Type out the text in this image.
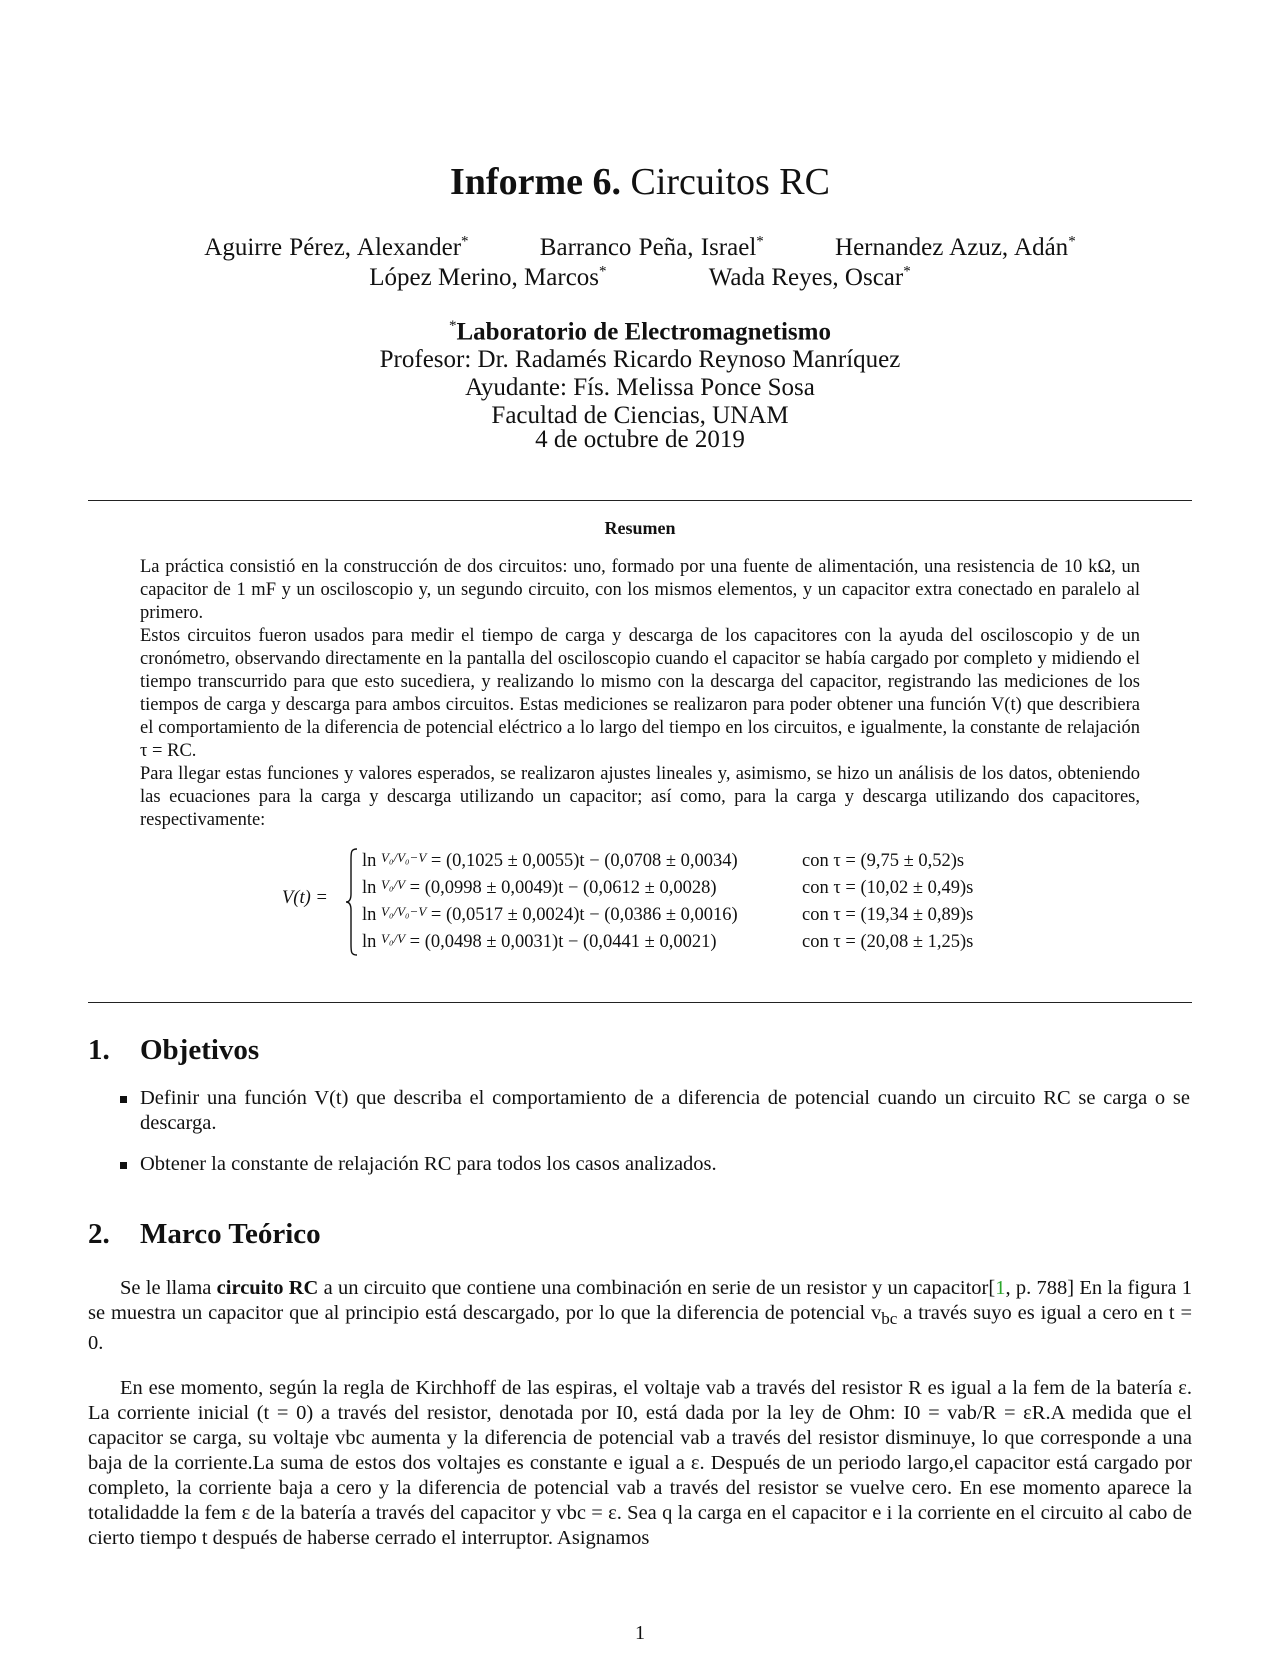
Informe 6. Circuitos RC
Aguirre Pérez, Alexander*	Barranco Peña, Israel*	Hernandez Azuz, Adán*
López Merino, Marcos*	Wada Reyes, Oscar*
*Laboratorio de Electromagnetismo
Profesor: Dr. Radamés Ricardo Reynoso Manríquez
Ayudante: Fís. Melissa Ponce Sosa
Facultad de Ciencias, UNAM
4 de octubre de 2019
Resumen

La práctica consistió en la construcción de dos circuitos: uno, formado por una fuente de alimentación, una resistencia de 10 kΩ, un capacitor de 1 mF y un osciloscopio y, un segundo circuito, con los mismos elementos, y un capacitor extra conectado en paralelo al primero.

Estos circuitos fueron usados para medir el tiempo de carga y descarga de los capacitores con la ayuda del osciloscopio y de un cronómetro, observando directamente en la pantalla del osciloscopio cuando el capacitor se había cargado por completo y midiendo el tiempo transcurrido para que esto sucediera, y realizando lo mismo con la descarga del capacitor, registrando las mediciones de los tiempos de carga y descarga para ambos circuitos. Estas mediciones se realizaron para poder obtener una función V(t) que describiera el comportamiento de la diferencia de potencial eléctrico a lo largo del tiempo en los circuitos, e igualmente, la constante de relajación τ = RC.

Para llegar estas funciones y valores esperados, se realizaron ajustes lineales y, asimismo, se hizo un análisis de los datos, obteniendo las ecuaciones para la carga y descarga utilizando un capacitor; así como, para la carga y descarga utilizando dos capacitores, respectivamente:

V(t) =
ln $^{V_0/V_0-V}$ = (0,1025 ± 0,0055)t − (0,0708 ± 0,0034)	con τ = (9,75 ± 0,52)s
ln $^{V_0/V}$ = (0,0998 ± 0,0049)t − (0,0612 ± 0,0028)	con τ = (10,02 ± 0,49)s
ln $^{V_0/V_0-V}$ = (0,0517 ± 0,0024)t − (0,0386 ± 0,0016)	con τ = (19,34 ± 0,89)s
ln $^{V_0/V}$ = (0,0498 ± 0,0031)t − (0,0441 ± 0,0021)	con τ = (20,08 ± 1,25)s
1. Objetivos
Definir una función V(t) que describa el comportamiento de a diferencia de potencial cuando un circuito RC se carga o se descarga.
Obtener la constante de relajación RC para todos los casos analizados.
2. Marco Teórico

Se le llama circuito RC a un circuito que contiene una combinación en serie de un resistor y un capacitor[1, p. 788] En la figura 1 se muestra un capacitor que al principio está descargado, por lo que la diferencia de potencial $v_{bc}$ a través suyo es igual a cero en t = 0.

En ese momento, según la regla de Kirchhoff de las espiras, el voltaje vab a través del resistor R es igual a la fem de la batería ε. La corriente inicial (t = 0) a través del resistor, denotada por I0, está dada por la ley de Ohm: I0 = vab/R = εR.A medida que el capacitor se carga, su voltaje vbc aumenta y la diferencia de potencial vab a través del resistor disminuye, lo que corresponde a una baja de la corriente.La suma de estos dos voltajes es constante e igual a ε. Después de un periodo largo,el capacitor está cargado por completo, la corriente baja a cero y la diferencia de potencial vab a través del resistor se vuelve cero. En ese momento aparece la totalidadde la fem ε de la batería a través del capacitor y vbc = ε. Sea q la carga en el capacitor e i la corriente en el circuito al cabo de cierto tiempo t después de haberse cerrado el interruptor. Asignamos

1
